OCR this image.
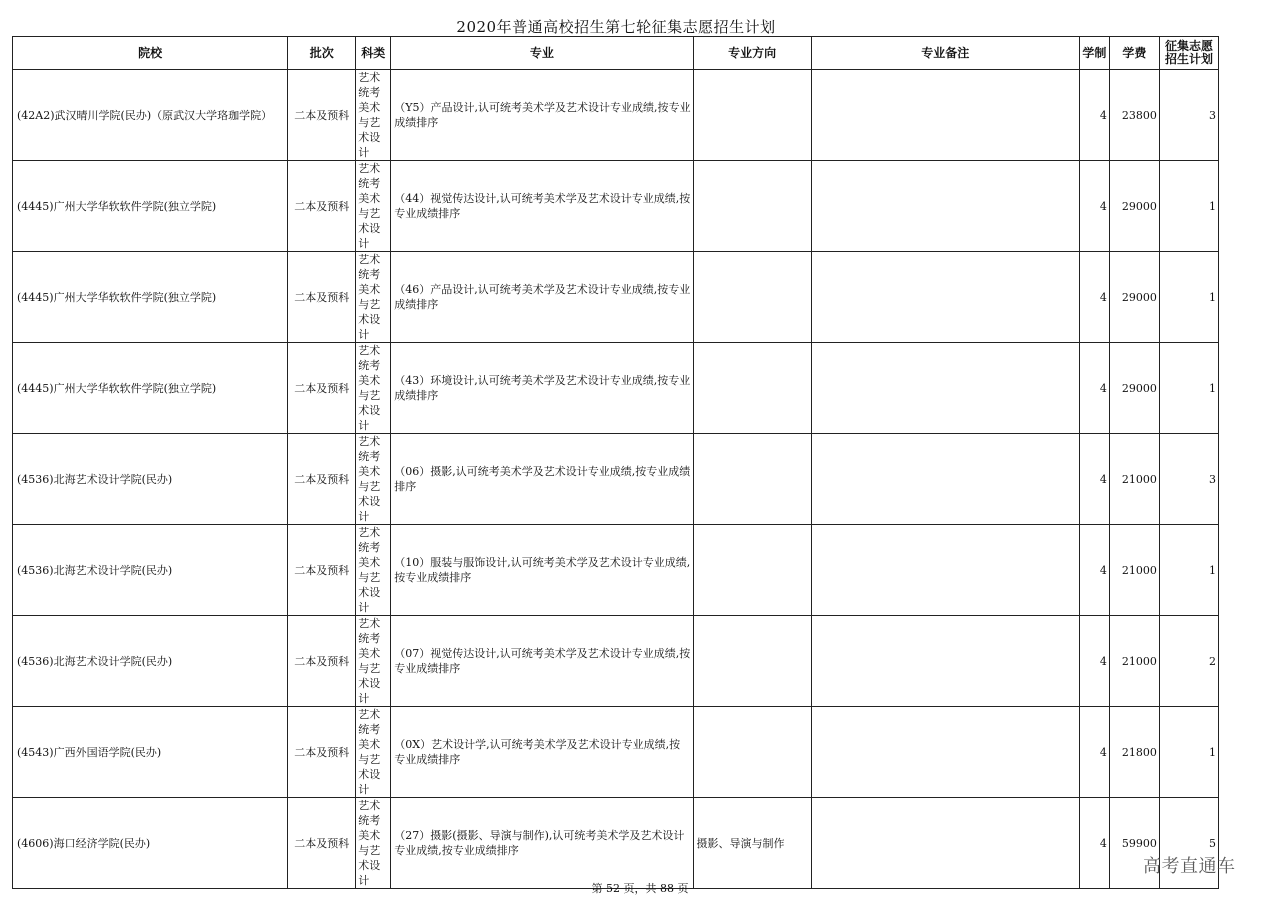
2020年普通高校招生第七轮征集志愿招生计划
院校	批次	科类	专业	专业方向	专业备注	学制	学费	征集志愿招生计划
(42A2)武汉晴川学院(民办)（原武汉大学珞珈学院）	二本及预科	艺术统考美术与艺术设计	（Y5）产品设计,认可统考美术学及艺术设计专业成绩,按专业成绩排序			4	23800	3
(4445)广州大学华软软件学院(独立学院)	二本及预科	艺术统考美术与艺术设计	（44）视觉传达设计,认可统考美术学及艺术设计专业成绩,按专业成绩排序			4	29000	1
(4445)广州大学华软软件学院(独立学院)	二本及预科	艺术统考美术与艺术设计	（46）产品设计,认可统考美术学及艺术设计专业成绩,按专业成绩排序			4	29000	1
(4445)广州大学华软软件学院(独立学院)	二本及预科	艺术统考美术与艺术设计	（43）环境设计,认可统考美术学及艺术设计专业成绩,按专业成绩排序			4	29000	1
(4536)北海艺术设计学院(民办)	二本及预科	艺术统考美术与艺术设计	（06）摄影,认可统考美术学及艺术设计专业成绩,按专业成绩排序			4	21000	3
(4536)北海艺术设计学院(民办)	二本及预科	艺术统考美术与艺术设计	（10）服装与服饰设计,认可统考美术学及艺术设计专业成绩,按专业成绩排序			4	21000	1
(4536)北海艺术设计学院(民办)	二本及预科	艺术统考美术与艺术设计	（07）视觉传达设计,认可统考美术学及艺术设计专业成绩,按专业成绩排序			4	21000	2
(4543)广西外国语学院(民办)	二本及预科	艺术统考美术与艺术设计	（0X）艺术设计学,认可统考美术学及艺术设计专业成绩,按专业成绩排序			4	21800	1
(4606)海口经济学院(民办)	二本及预科	艺术统考美术与艺术设计	（27）摄影(摄影、导演与制作),认可统考美术学及艺术设计专业成绩,按专业成绩排序	摄影、导演与制作		4	59900	5
高考直通车
第 52 页，共 88 页
